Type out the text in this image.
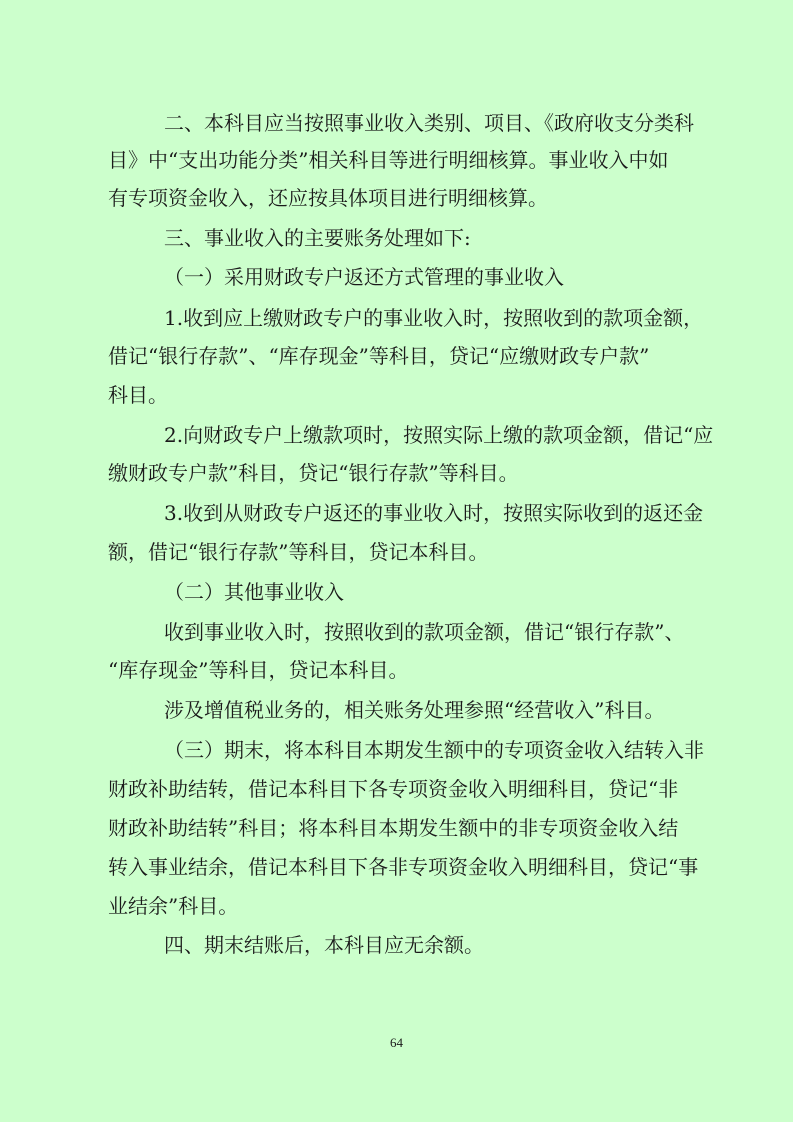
二、本科目应当按照事业收入类别、项目、《政府收支分类科
目》中“支出功能分类”相关科目等进行明细核算。事业收入中如
有专项资金收入，还应按具体项目进行明细核算。
三、事业收入的主要账务处理如下:
（一）采用财政专户返还方式管理的事业收入
1.收到应上缴财政专户的事业收入时，按照收到的款项金额，
借记“银行存款”、“库存现金”等科目，贷记“应缴财政专户款”
科目。
2.向财政专户上缴款项时，按照实际上缴的款项金额，借记“应
缴财政专户款”科目，贷记“银行存款”等科目。
3.收到从财政专户返还的事业收入时，按照实际收到的返还金
额，借记“银行存款”等科目，贷记本科目。
（二）其他事业收入
收到事业收入时，按照收到的款项金额，借记“银行存款”、
“库存现金”等科目，贷记本科目。
涉及增值税业务的，相关账务处理参照“经营收入”科目。
（三）期末，将本科目本期发生额中的专项资金收入结转入非
财政补助结转，借记本科目下各专项资金收入明细科目，贷记“非
财政补助结转”科目；将本科目本期发生额中的非专项资金收入结
转入事业结余，借记本科目下各非专项资金收入明细科目，贷记“事
业结余”科目。
四、期末结账后，本科目应无余额。
64
